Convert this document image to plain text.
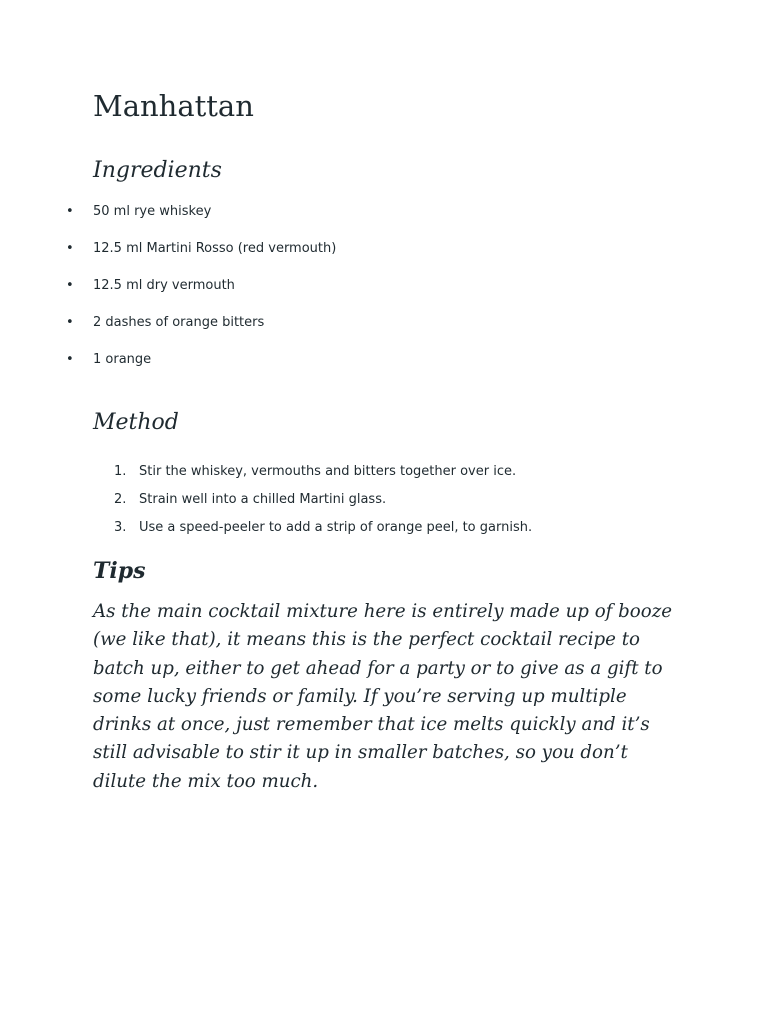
Manhattan
Ingredients
• 50 ml rye whiskey
• 12.5 ml Martini Rosso (red vermouth)
• 12.5 ml dry vermouth
• 2 dashes of orange bitters
• 1 orange
Method
1. Stir the whiskey, vermouths and bitters together over ice.
2. Strain well into a chilled Martini glass.
3. Use a speed-peeler to add a strip of orange peel, to garnish.
Tips

As the main cocktail mixture here is entirely made up of booze (we like that), it means this is the perfect cocktail recipe to batch up, either to get ahead for a party or to give as a gift to some lucky friends or family. If you’re serving up multiple drinks at once, just remember that ice melts quickly and it’s still advisable to stir it up in smaller batches, so you don’t dilute the mix too much.
